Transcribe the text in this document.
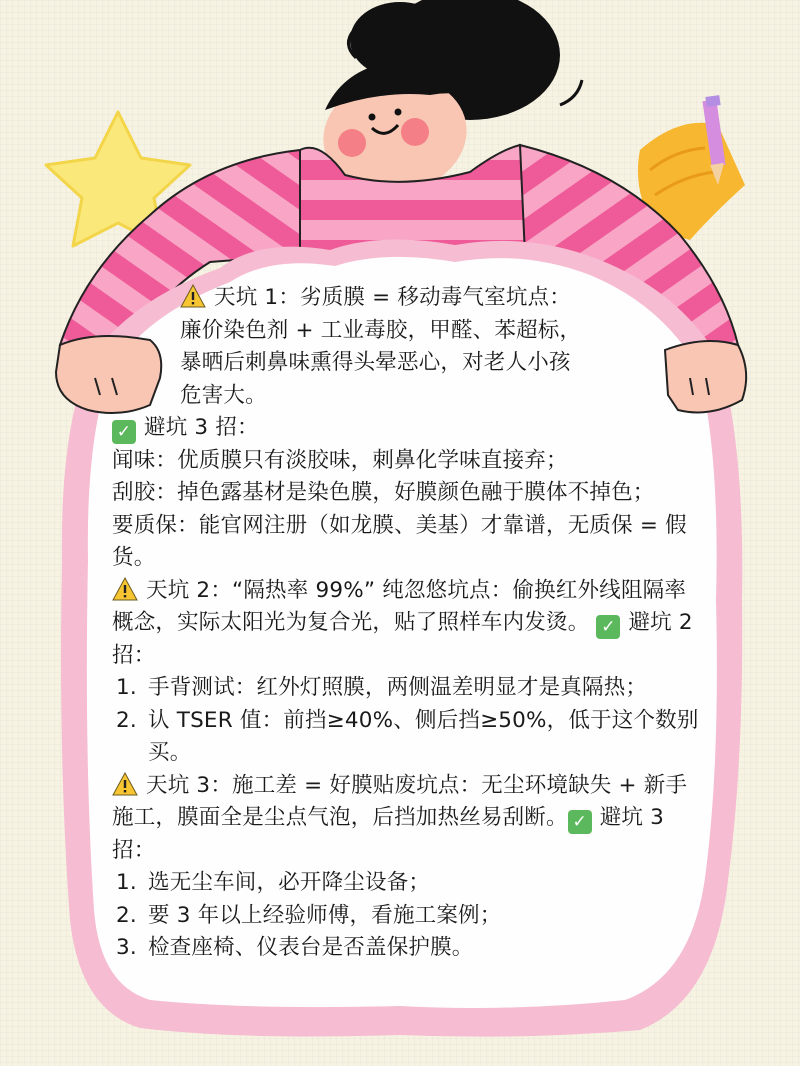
天坑 1：劣质膜 = 移动毒气室坑点：

廉价染色剂 + 工业毒胶，甲醛、苯超标，

暴晒后刺鼻味熏得头晕恶心，对老人小孩

危害大。

✓ 避坑 3 招：

闻味：优质膜只有淡胶味，刺鼻化学味直接弃；

刮胶：掉色露基材是染色膜，好膜颜色融于膜体不掉色；

要质保：能官网注册（如龙膜、美基）才靠谱，无质保 = 假货。

天坑 2：“隔热率 99%” 纯忽悠坑点：偷换红外线阻隔率概念，实际太阳光为复合光，贴了照样车内发烫。 ✓ 避坑 2 招：

1. 手背测试：红外灯照膜，两侧温差明显才是真隔热；
2. 认 TSER 值：前挡≥40%、侧后挡≥50%，低于这个数别买。

天坑 3：施工差 = 好膜贴废坑点：无尘环境缺失 + 新手施工，膜面全是尘点气泡，后挡加热丝易刮断。 ✓ 避坑 3 招：

1. 选无尘车间，必开降尘设备；
2. 要 3 年以上经验师傅，看施工案例；
3. 检查座椅、仪表台是否盖保护膜。
